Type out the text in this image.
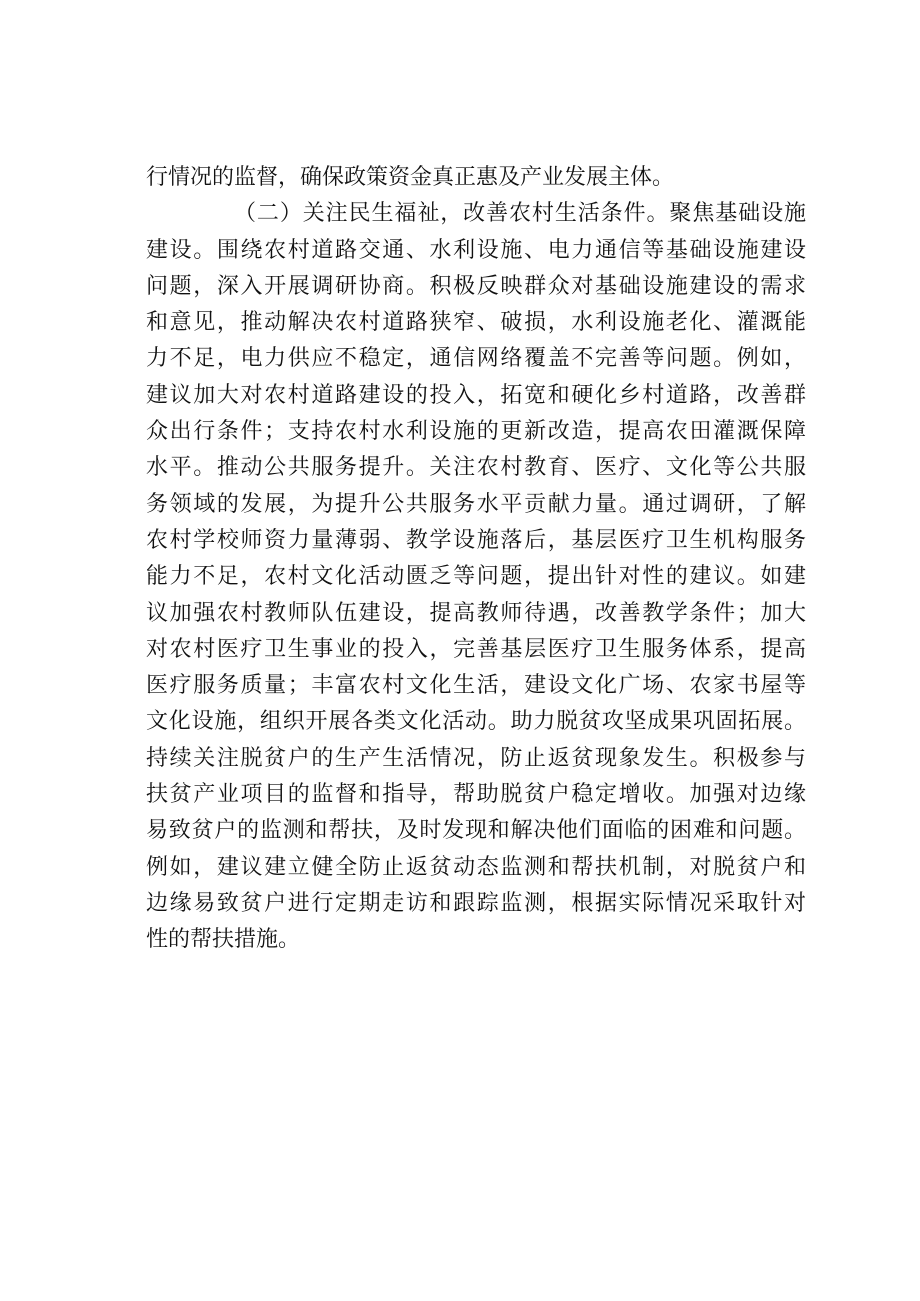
行情况的监督，确保政策资金真正惠及产业发展主体。
（二）关注民生福祉，改善农村生活条件。聚焦基础设施
建设。围绕农村道路交通、水利设施、电力通信等基础设施建设
问题，深入开展调研协商。积极反映群众对基础设施建设的需求
和意见，推动解决农村道路狭窄、破损，水利设施老化、灌溉能
力不足，电力供应不稳定，通信网络覆盖不完善等问题。例如，
建议加大对农村道路建设的投入，拓宽和硬化乡村道路，改善群
众出行条件；支持农村水利设施的更新改造，提高农田灌溉保障
水平。推动公共服务提升。关注农村教育、医疗、文化等公共服
务领域的发展，为提升公共服务水平贡献力量。通过调研，了解
农村学校师资力量薄弱、教学设施落后，基层医疗卫生机构服务
能力不足，农村文化活动匮乏等问题，提出针对性的建议。如建
议加强农村教师队伍建设，提高教师待遇，改善教学条件；加大
对农村医疗卫生事业的投入，完善基层医疗卫生服务体系，提高
医疗服务质量；丰富农村文化生活，建设文化广场、农家书屋等
文化设施，组织开展各类文化活动。助力脱贫攻坚成果巩固拓展。
持续关注脱贫户的生产生活情况，防止返贫现象发生。积极参与
扶贫产业项目的监督和指导，帮助脱贫户稳定增收。加强对边缘
易致贫户的监测和帮扶，及时发现和解决他们面临的困难和问题。
例如，建议建立健全防止返贫动态监测和帮扶机制，对脱贫户和
边缘易致贫户进行定期走访和跟踪监测，根据实际情况采取针对
性的帮扶措施。
